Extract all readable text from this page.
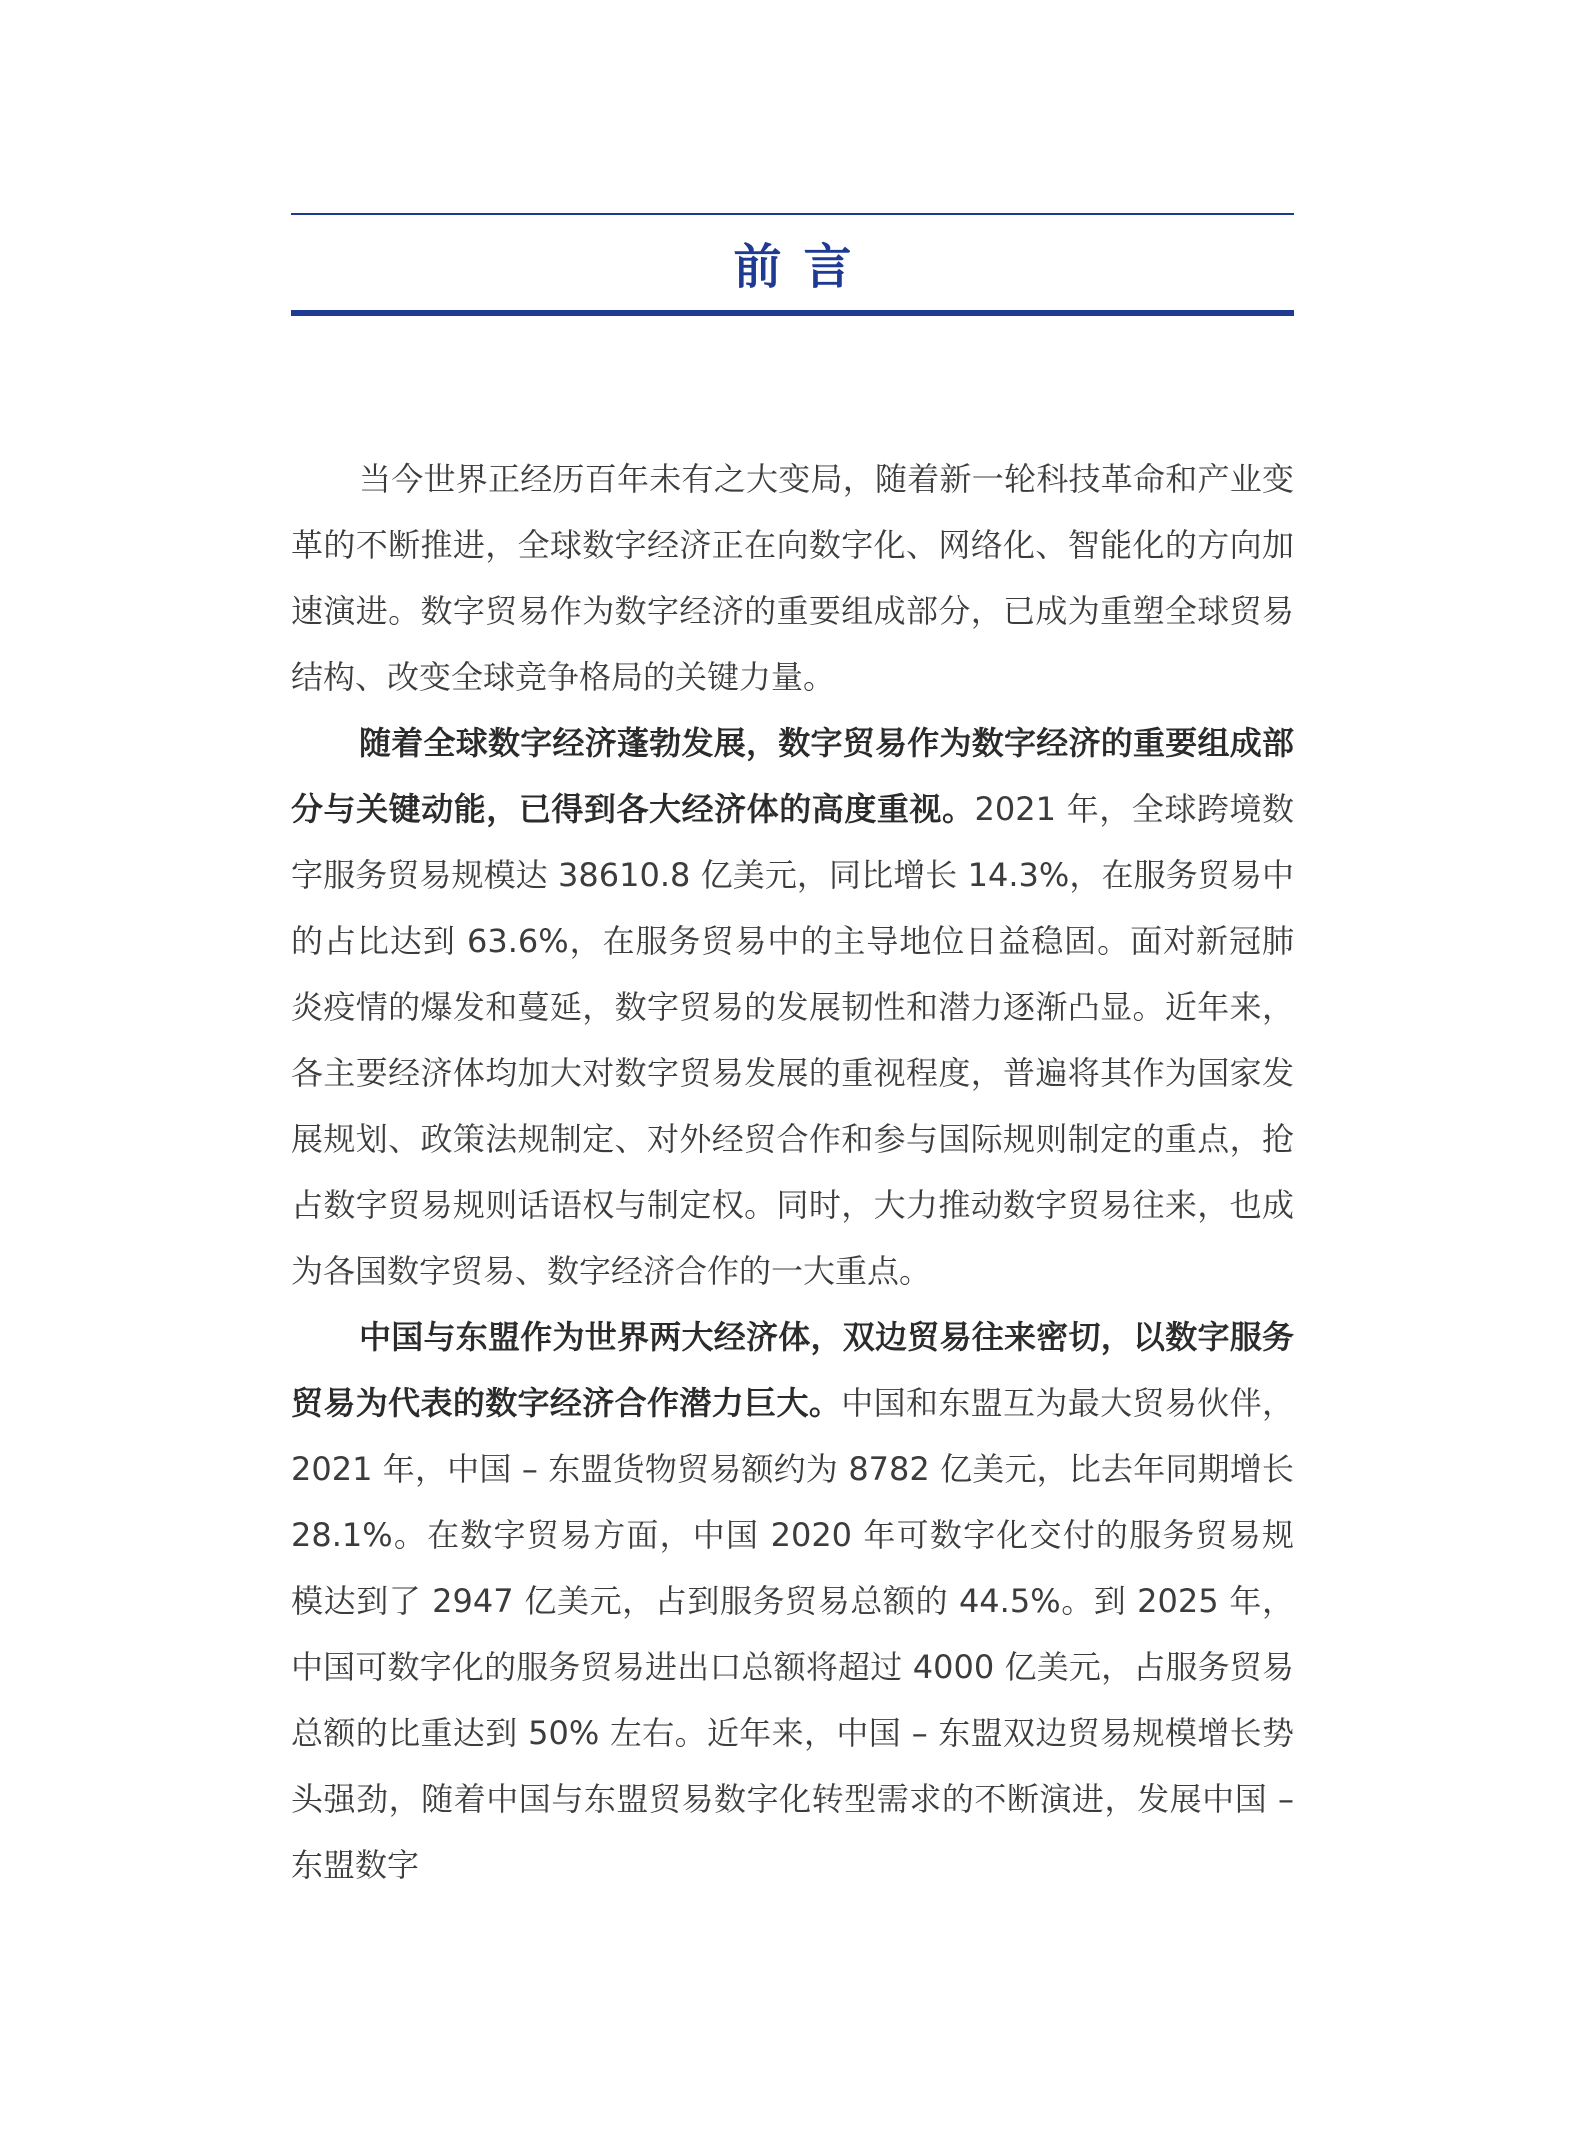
前言

当今世界正经历百年未有之大变局，随着新一轮科技革命和产业变革的不断推进，全球数字经济正在向数字化、网络化、智能化的方向加速演进。数字贸易作为数字经济的重要组成部分，已成为重塑全球贸易结构、改变全球竞争格局的关键力量。

随着全球数字经济蓬勃发展，数字贸易作为数字经济的重要组成部分与关键动能，已得到各大经济体的高度重视。2021 年，全球跨境数字服务贸易规模达 38610.8 亿美元，同比增长 14.3%，在服务贸易中的占比达到 63.6%，在服务贸易中的主导地位日益稳固。面对新冠肺炎疫情的爆发和蔓延，数字贸易的发展韧性和潜力逐渐凸显。近年来，各主要经济体均加大对数字贸易发展的重视程度，普遍将其作为国家发展规划、政策法规制定、对外经贸合作和参与国际规则制定的重点，抢占数字贸易规则话语权与制定权。同时，大力推动数字贸易往来，也成为各国数字贸易、数字经济合作的一大重点。

中国与东盟作为世界两大经济体，双边贸易往来密切，以数字服务贸易为代表的数字经济合作潜力巨大。中国和东盟互为最大贸易伙伴，2021 年，中国 – 东盟货物贸易额约为 8782 亿美元，比去年同期增长 28.1%。在数字贸易方面，中国 2020 年可数字化交付的服务贸易规模达到了 2947 亿美元，占到服务贸易总额的 44.5%。到 2025 年，中国可数字化的服务贸易进出口总额将超过 4000 亿美元，占服务贸易总额的比重达到 50% 左右。近年来，中国 – 东盟双边贸易规模增长势头强劲，随着中国与东盟贸易数字化转型需求的不断演进，发展中国 – 东盟数字
